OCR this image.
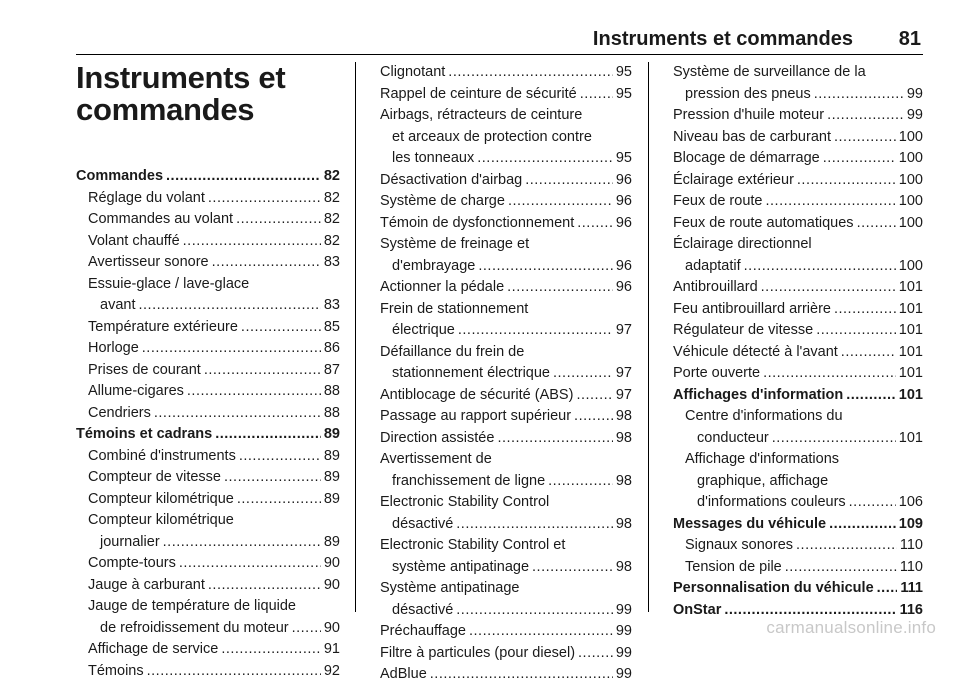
Instruments et commandes 81
Instruments et
commandes
Commandes .....	82
Réglage du volant .....	82
Commandes au volant .....	82
Volant chauffé .....	82
Avertisseur sonore .....	83
Essuie-glace / lave-glace
avant .....	83
Température extérieure .....	85
Horloge .....	86
Prises de courant .....	87
Allume-cigares .....	88
Cendriers .....	88
Témoins et cadrans .....	89
Combiné d'instruments .....	89
Compteur de vitesse .....	89
Compteur kilométrique .....	89
Compteur kilométrique
journalier .....	89
Compte-tours .....	90
Jauge à carburant .....	90
Jauge de température de liquide
de refroidissement du moteur ..... 90
Affichage de service .....	91
Témoins .....	92
Clignotant .....	95
Rappel de ceinture de sécurité .....	95
Airbags, rétracteurs de ceinture
et arceaux de protection contre
les tonneaux .....	95
Désactivation d'airbag .....	96
Système de charge .....	96
Témoin de dysfonctionnement .....	96
Système de freinage et
d'embrayage .....	96
Actionner la pédale .....	96
Frein de stationnement
électrique .....	97
Défaillance du frein de
stationnement électrique .....	97
Antiblocage de sécurité (ABS) .....	97
Passage au rapport supérieur .....	98
Direction assistée .....	98
Avertissement de
franchissement de ligne .....	98
Electronic Stability Control
désactivé .....	98
Electronic Stability Control et
système antipatinage .....	98
Système antipatinage
désactivé .....	99
Préchauffage .....	99
Filtre à particules (pour diesel) .....	99
AdBlue .....	99
Système de surveillance de la
pression des pneus .....	99
Pression d'huile moteur .....	99
Niveau bas de carburant .....	100
Blocage de démarrage .....	100
Éclairage extérieur .....	100
Feux de route .....	100
Feux de route automatiques .....	100
Éclairage directionnel
adaptatif .....	100
Antibrouillard .....	101
Feu antibrouillard arrière .....	101
Régulateur de vitesse .....	101
Véhicule détecté à l'avant .....	101
Porte ouverte .....	101
Affichages d'information .....	101
Centre d'informations du
conducteur .....	101
Affichage d'informations
graphique, affichage
d'informations couleurs .....	106
Messages du véhicule .....	109
Signaux sonores .....	110
Tension de pile .....	110
Personnalisation du véhicule ..... 111
OnStar .....	116
carmanualsonline.info
